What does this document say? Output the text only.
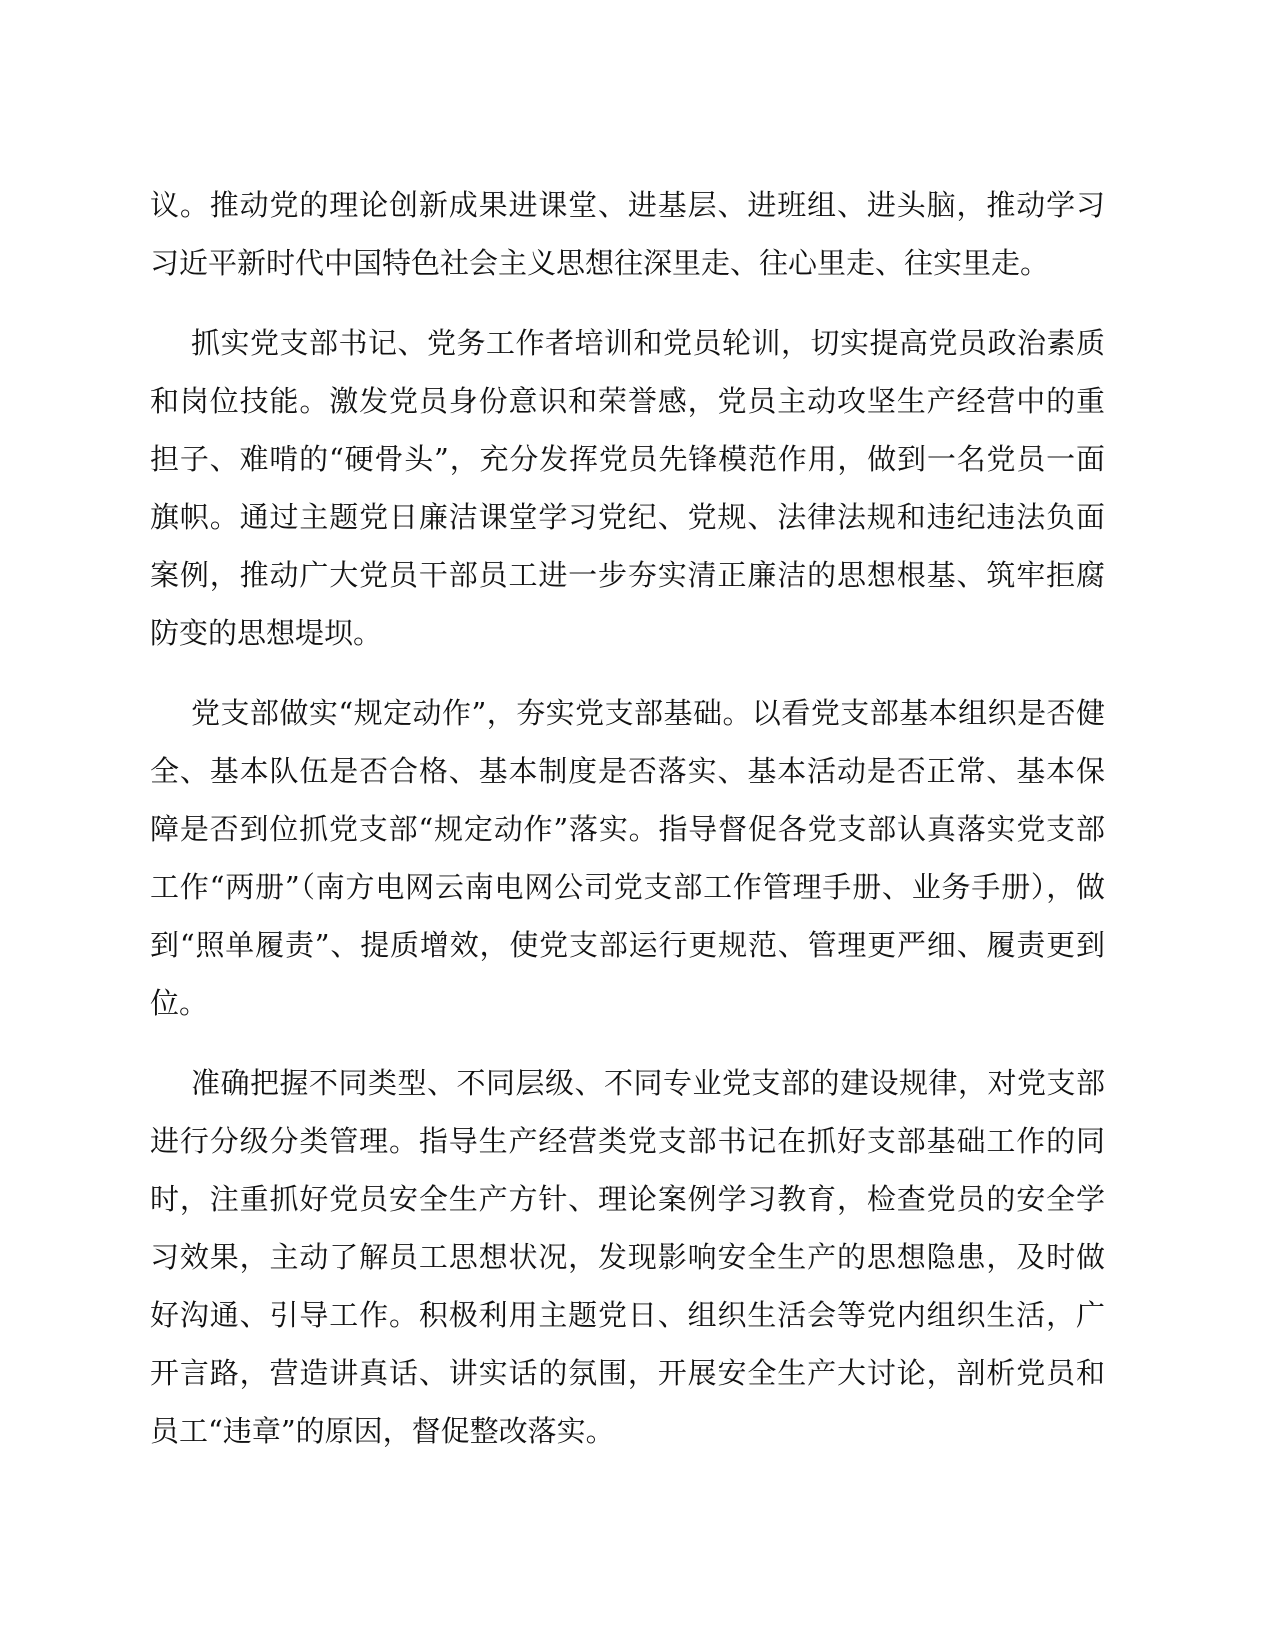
议。推动党的理论创新成果进课堂、进基层、进班组、进头脑，推动学习习近平新时代中国特色社会主义思想往深里走、往心里走、往实里走。

抓实党支部书记、党务工作者培训和党员轮训，切实提高党员政治素质和岗位技能。激发党员身份意识和荣誉感，党员主动攻坚生产经营中的重担子、难啃的“硬骨头”，充分发挥党员先锋模范作用，做到一名党员一面旗帜。通过主题党日廉洁课堂学习党纪、党规、法律法规和违纪违法负面案例，推动广大党员干部员工进一步夯实清正廉洁的思想根基、筑牢拒腐防变的思想堤坝。

党支部做实“规定动作”，夯实党支部基础。以看党支部基本组织是否健全、基本队伍是否合格、基本制度是否落实、基本活动是否正常、基本保障是否到位抓党支部“规定动作”落实。指导督促各党支部认真落实党支部工作“两册”（南方电网云南电网公司党支部工作管理手册、业务手册），做到“照单履责”、提质增效，使党支部运行更规范、管理更严细、履责更到位。

准确把握不同类型、不同层级、不同专业党支部的建设规律，对党支部进行分级分类管理。指导生产经营类党支部书记在抓好支部基础工作的同时，注重抓好党员安全生产方针、理论案例学习教育，检查党员的安全学习效果，主动了解员工思想状况，发现影响安全生产的思想隐患，及时做好沟通、引导工作。积极利用主题党日、组织生活会等党内组织生活，广开言路，营造讲真话、讲实话的氛围，开展安全生产大讨论，剖析党员和员工“违章”的原因，督促整改落实。
